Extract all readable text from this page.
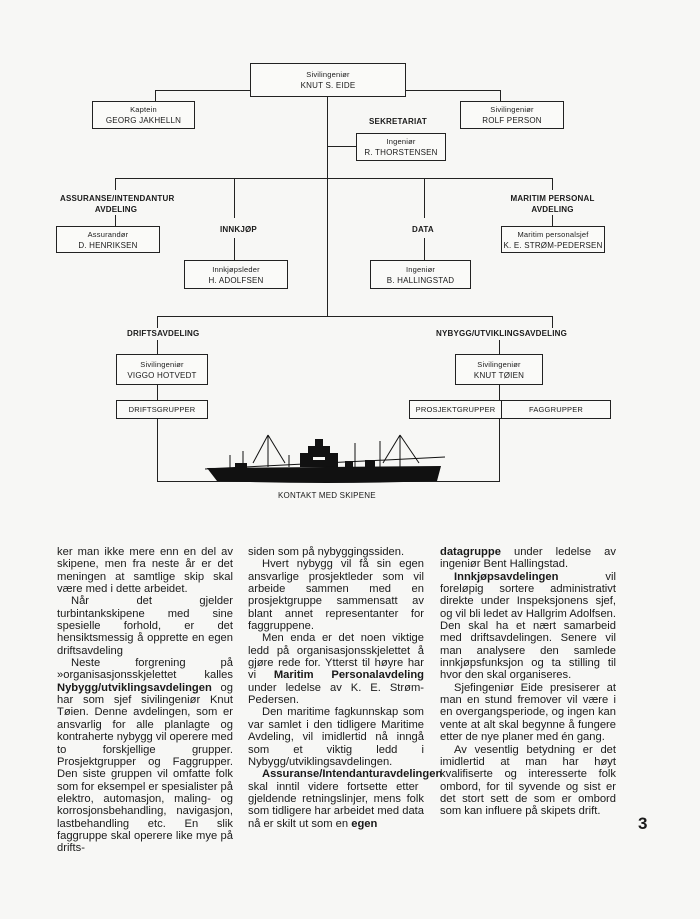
Sivilingeniør
KNUT S. EIDE
Kaptein
GEORG JAKHELLN
Sivilingeniør
ROLF PERSON
SEKRETARIAT
Ingeniør
R. THORSTENSEN
ASSURANSE/INTENDANTUR
AVDELING
INNKJØP	DATA
MARITIM PERSONAL
AVDELING
Assurandør
D. HENRIKSEN
Innkjøpsleder
H. ADOLFSEN
Ingeniør
B. HALLINGSTAD
Maritim personalsjef
K. E. STRØM-PEDERSEN
DRIFTSAVDELING	NYBYGG/UTVIKLINGSAVDELING
Sivilingeniør
VIGGO HOTVEDT
Sivilingeniør
KNUT TØIEN
DRIFTSGRUPPER	PROSJEKTGRUPPER	FAGGRUPPER
KONTAKT MED SKIPENE

ker man ikke mere enn en del av skipene, men fra neste år er det meningen at samtlige skip skal være med i dette arbeidet.

Når det gjelder turbintankskipene med sine spesielle forhold, er det hensiktsmessig å opprette en egen driftsavdeling

Neste forgrening på »organisasjonsskjelettet kalles Nybygg/utviklingsavdelingen og har som sjef sivilingeniør Knut Tøien. Denne avdelingen, som er ansvarlig for alle planlagte og kontraherte nybygg vil operere med to forskjellige grupper. Prosjektgrupper og Faggrupper. Den siste gruppen vil omfatte folk som for eksempel er spesialister på elektro, automasjon, maling- og korrosjonsbehandling, navigasjon, lastbehandling etc. En slik faggruppe skal operere like mye på drifts-

siden som på nybyggingssiden.

Hvert nybygg vil få sin egen ansvarlige prosjektleder som vil arbeide sammen med en prosjektgruppe sammensatt av blant annet representanter for faggruppene.

Men enda er det noen viktige ledd på organisasjonsskjelettet å gjøre rede for. Ytterst til høyre har vi Maritim Personalavdeling under ledelse av K. E. Strøm-Pedersen.

Den maritime fagkunnskap som var samlet i den tidligere Maritime Avdeling, vil imidlertid nå inngå som et viktig ledd i Nybygg/utviklingsavdelingen.

Assuranse/Intendanturavdelingen skal inntil videre fortsette etter gjeldende retningslinjer, mens folk som tidligere har arbeidet med data nå er skilt ut som en egen

datagruppe under ledelse av ingeniør Bent Hallingstad.

Innkjøpsavdelingen vil foreløpig sortere administrativt direkte under Inspeksjonens sjef, og vil bli ledet av Hallgrim Adolfsen. Den skal ha et nært samarbeid med driftsavdelingen. Senere vil man analysere den samlede innkjøpsfunksjon og ta stilling til hvor den skal organiseres.

Sjefingeniør Eide presiserer at man en stund fremover vil være i en overgangsperiode, og ingen kan vente at alt skal begynne å fungere etter de nye planer med én gang.

Av vesentlig betydning er det imidlertid at man har høyt kvalifiserte og interesserte folk ombord, for til syvende og sist er det stort sett de som er ombord som kan influere på skipets drift.

3
